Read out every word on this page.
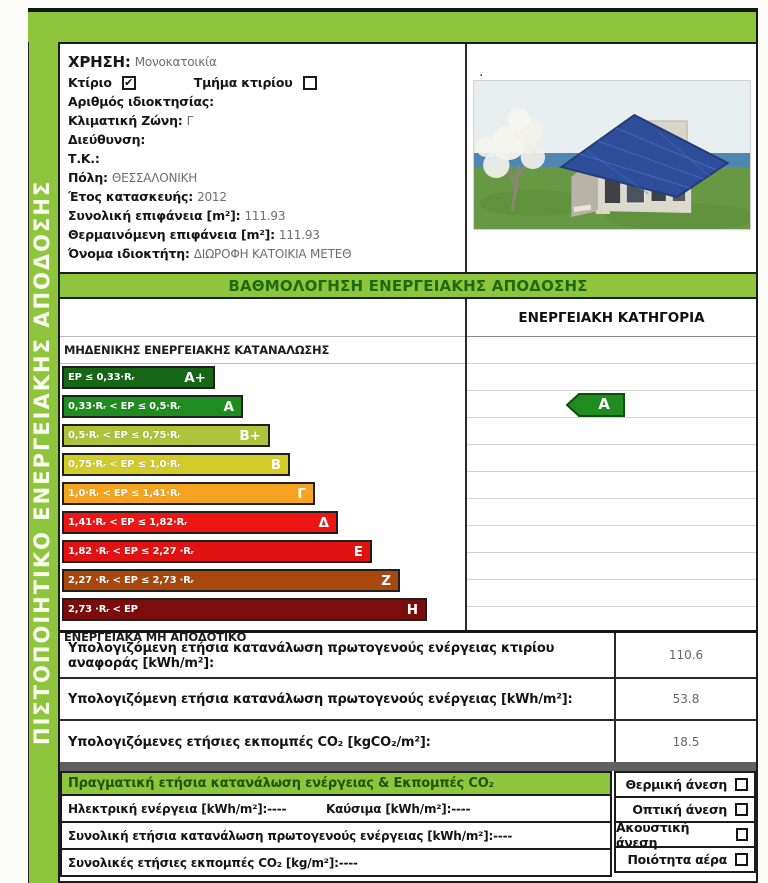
ΠΙΣΤΟΠΟΙΗΤΙΚΟ ΕΝΕΡΓΕΙΑΚΗΣ ΑΠΟΔΟΣΗΣ
ΧΡΗΣΗ: Μονοκατοικία
Κτίριο ✔	Τμήμα κτιρίου
Αριθμός ιδιοκτησίας:
Κλιματική Ζώνη: Γ
Διεύθυνση:
Τ.Κ.:
Πόλη: ΘΕΣΣΑΛΟΝΙΚΗ
Έτος κατασκευής: 2012
Συνολική επιφάνεια [m²]: 111.93
Θερμαινόμενη επιφάνεια [m²]: 111.93
Όνομα ιδιοκτήτη: ΔΙΩΡΟΦΗ ΚΑΤΟΙΚΙΑ ΜΕΤΕΘ
.
ΒΑΘΜΟΛΟΓΗΣΗ ΕΝΕΡΓΕΙΑΚΗΣ ΑΠΟΔΟΣΗΣ
ΜΗΔΕΝΙΚΗΣ ΕΝΕΡΓΕΙΑΚΗΣ ΚΑΤΑΝΑΛΩΣΗΣ
EP ≤ 0,33·Rᵣ	A+
0,33·Rᵣ < EP ≤ 0,5·Rᵣ	A
0,5·Rᵣ < EP ≤ 0,75·Rᵣ	B+
0,75·Rᵣ < EP ≤ 1,0·Rᵣ	B
1,0·Rᵣ < EP ≤ 1,41·Rᵣ	Γ
1,41·Rᵣ < EP ≤ 1,82·Rᵣ	Δ
1,82 ·Rᵣ < EP ≤ 2,27 ·Rᵣ	E
2,27 ·Rᵣ < EP ≤ 2,73 ·Rᵣ	Z
2,73 ·Rᵣ < EP	H
ΕΝΕΡΓΕΙΑΚΑ ΜΗ ΑΠΟΔΟΤΙΚΟ
ΕΝΕΡΓΕΙΑΚΗ ΚΑΤΗΓΟΡΙΑ
A
Υπολογιζόμενη ετήσια κατανάλωση πρωτογενούς ενέργειας κτιρίου αναφοράς [kWh/m²]:
110.6
Υπολογιζόμενη ετήσια κατανάλωση πρωτογενούς ενέργειας [kWh/m²]:	53.8
Υπολογιζόμενες ετήσιες εκπομπές CO₂ [kgCO₂/m²]:	18.5
Πραγματική ετήσια κατανάλωση ενέργειας & Εκπομπές CO₂
Ηλεκτρική ενέργεια [kWh/m²]:----	Καύσιμα [kWh/m²]:----
Συνολική ετήσια κατανάλωση πρωτογενούς ενέργειας [kWh/m²]:----
Συνολικές ετήσιες εκπομπές CO₂ [kg/m²]:----
Θερμική άνεση
Οπτική άνεση
Ακουστική άνεση
Ποιότητα αέρα
